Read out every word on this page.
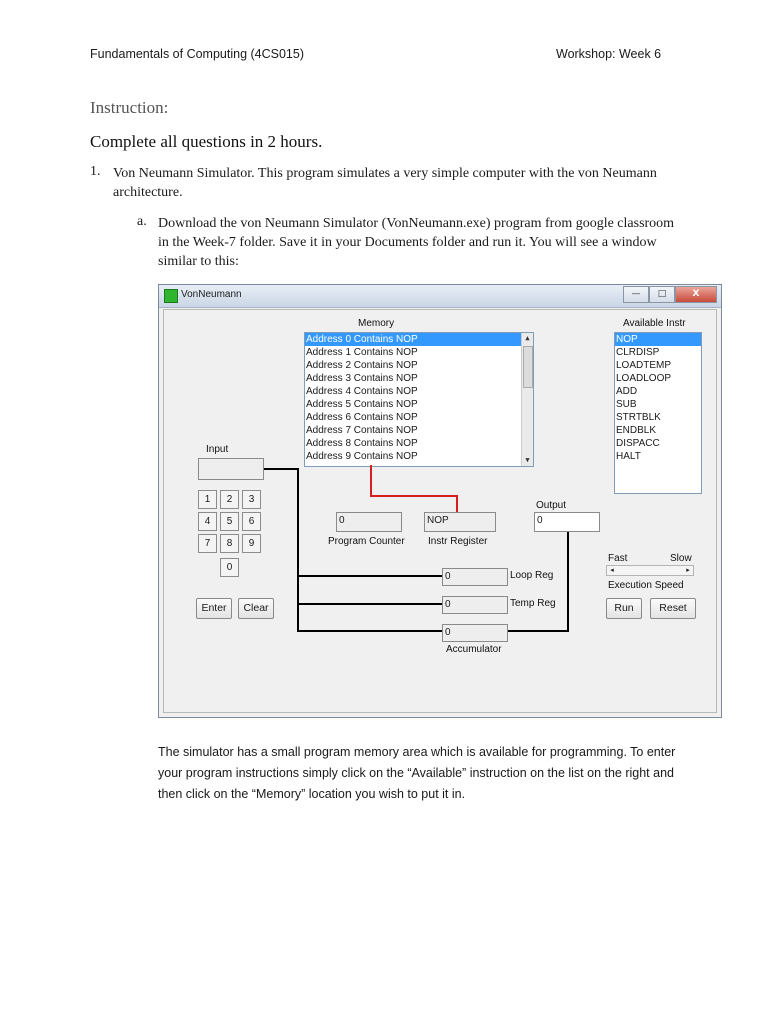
Fundamentals of Computing (4CS015)	Workshop: Week 6
Instruction:
Complete all questions in 2 hours.
1. Von Neumann Simulator. This program simulates a very simple computer with the von Neumann architecture.
a. Download the von Neumann Simulator (VonNeumann.exe) program from google classroom in the Week-7 folder. Save it in your Documents folder and run it. You will see a window similar to this:
VonNeumann	—	□	X
Memory
Address 0 Contains NOP
Address 1 Contains NOP
Address 2 Contains NOP
Address 3 Contains NOP
Address 4 Contains NOP
Address 5 Contains NOP
Address 6 Contains NOP
Address 7 Contains NOP
Address 8 Contains NOP
Address 9 Contains NOP
▲
▼
Available Instr
NOP
CLRDISP
LOADTEMP
LOADLOOP
ADD
SUB
STRTBLK
ENDBLK
DISPACC
HALT
Input
1	2	3
4	5	6
7	8	9
0
Enter	Clear
0
Program Counter
NOP
Instr Register
Output
0
0	Loop Reg
0	Temp Reg
0
Accumulator
Fast	Slow
◂	▸
Execution Speed
Run	Reset
The simulator has a small program memory area which is available for programming. To enter your program instructions simply click on the “Available” instruction on the list on the right and then click on the “Memory” location you wish to put it in.
